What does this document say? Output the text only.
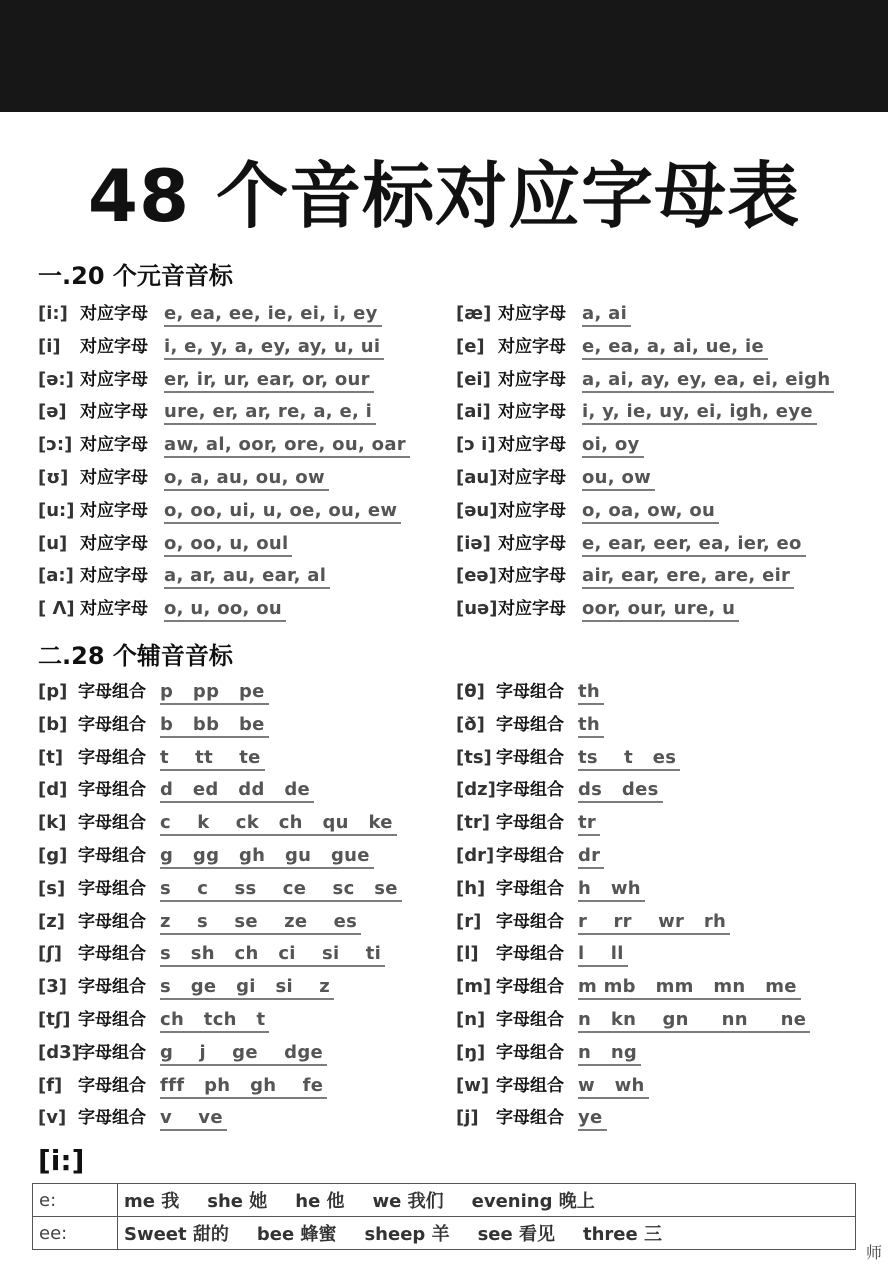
48 个音标对应字母表
一.20 个元音音标
[i:] 对应字母 e, ea, ee, ie, ei, i, ey
[i] 对应字母 i, e, y, a, ey, ay, u, ui
[ə:] 对应字母 er, ir, ur, ear, or, our
[ə] 对应字母 ure, er, ar, re, a, e, i
[ɔ:] 对应字母 aw, al, oor, ore, ou, oar
[ʊ] 对应字母 o, a, au, ou, ow
[u:] 对应字母 o, oo, ui, u, oe, ou, ew
[u] 对应字母 o, oo, u, oul
[a:] 对应字母 a, ar, au, ear, al
[ Λ] 对应字母 o, u, oo, ou
[æ] 对应字母 a, ai
[e] 对应字母 e, ea, a, ai, ue, ie
[ei] 对应字母 a, ai, ay, ey, ea, ei, eigh
[ai] 对应字母 i, y, ie, uy, ei, igh, eye
[ɔ i] 对应字母 oi, oy
[au]对应字母 ou, ow
[əu]对应字母 o, oa, ow, ou
[iə] 对应字母 e, ear, eer, ea, ier, eo
[eə]对应字母 air, ear, ere, are, eir
[uə]对应字母 oor, our, ure, u
二.28 个辅音音标
[p] 字母组合 p   pp   pe
[b] 字母组合 b   bb   be
[t] 字母组合 t    tt    te
[d] 字母组合 d   ed   dd   de
[k] 字母组合 c    k    ck   ch   qu   ke
[g] 字母组合 g   gg   gh   gu   gue
[s] 字母组合 s    c    ss    ce    sc   se
[z] 字母组合 z    s    se    ze    es
[ʃ] 字母组合 s   sh   ch   ci    si    ti
[3] 字母组合 s   ge   gi   si    z
[tʃ] 字母组合 ch   tch   t
[d3]字母组合 g    j    ge    dge
[f] 字母组合 fff   ph   gh    fe
[v] 字母组合 v    ve
[θ] 字母组合 th
[ð] 字母组合 th
[ts] 字母组合 ts    t   es
[dz]字母组合 ds   des
[tr] 字母组合 tr
[dr] 字母组合 dr
[h] 字母组合 h   wh
[r] 字母组合 r    rr    wr   rh
[l] 字母组合 l    ll
[m] 字母组合 m mb   mm   mn   me
[n] 字母组合 n   kn    gn     nn     ne
[ŋ] 字母组合 n   ng
[w] 字母组合 w   wh
[j] 字母组合 ye
[i:]
e:	me 我 she 她 he 他 we 我们 evening 晚上
ee:	Sweet 甜的 bee 蜂蜜 sheep 羊 see 看见 three 三
师
